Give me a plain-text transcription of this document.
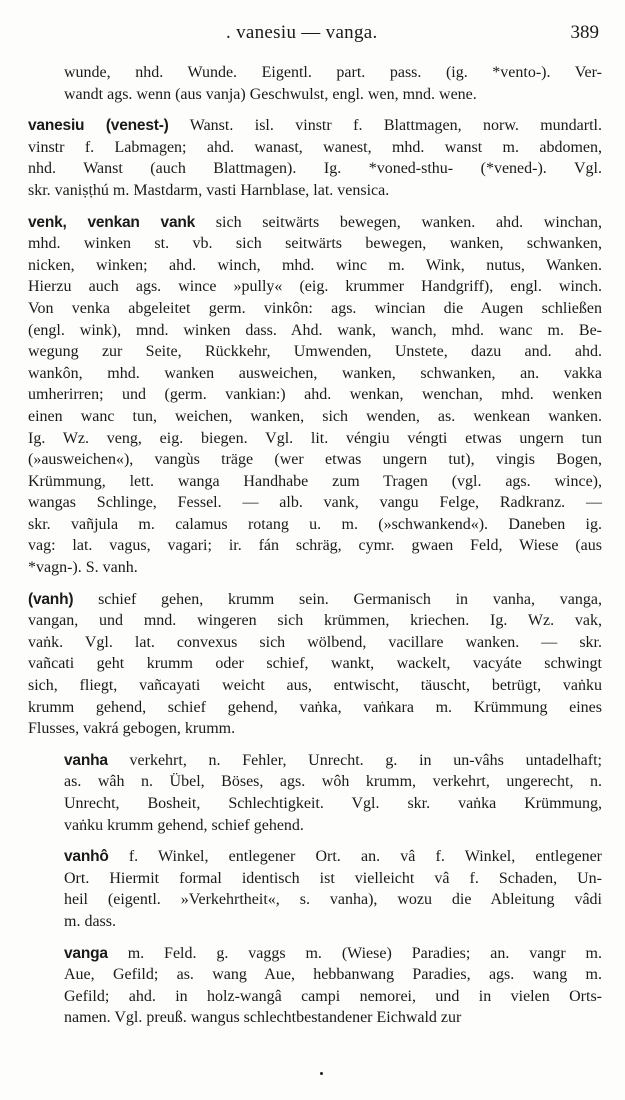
. vanesiu — vanga.	389
wunde, nhd. Wunde. Eigentl. part. pass. (ig. *vento-). Ver-
wandt ags. wenn (aus vanja) Geschwulst, engl. wen, mnd. wene.
vanesiu (venest-) Wanst. isl. vinstr f. Blattmagen, norw. mundartl.
vinstr f. Labmagen; ahd. wanast, wanest, mhd. wanst m. abdomen,
nhd. Wanst (auch Blattmagen). Ig. *voned-sthu- (*vened-). Vgl.
skr. vaniṣṭhú m. Mastdarm, vasti Harnblase, lat. vensica.
venk, venkan vank sich seitwärts bewegen, wanken. ahd. winchan,
mhd. winken st. vb. sich seitwärts bewegen, wanken, schwanken,
nicken, winken; ahd. winch, mhd. winc m. Wink, nutus, Wanken.
Hierzu auch ags. wince »pully« (eig. krummer Handgriff), engl. winch.
Von venka abgeleitet germ. vinkôn: ags. wincian die Augen schließen
(engl. wink), mnd. winken dass. Ahd. wank, wanch, mhd. wanc m. Be-
wegung zur Seite, Rückkehr, Umwenden, Unstete, dazu and. ahd.
wankôn, mhd. wanken ausweichen, wanken, schwanken, an. vakka
umherirren; und (germ. vankian:) ahd. wenkan, wenchan, mhd. wenken
einen wanc tun, weichen, wanken, sich wenden, as. wenkean wanken.
Ig. Wz. veng, eig. biegen. Vgl. lit. véngiu véngti etwas ungern tun
(»ausweichen«), vangùs träge (wer etwas ungern tut), vingis Bogen,
Krümmung, lett. wanga Handhabe zum Tragen (vgl. ags. wince),
wangas Schlinge, Fessel. — alb. vank, vangu Felge, Radkranz. —
skr. vañjula m. calamus rotang u. m. (»schwankend«). Daneben ig.
vag: lat. vagus, vagari; ir. fán schräg, cymr. gwaen Feld, Wiese (aus
*vagn-). S. vanh.
(vanh) schief gehen, krumm sein. Germanisch in vanha, vanga,
vangan, und mnd. wingeren sich krümmen, kriechen. Ig. Wz. vak,
vaṅk. Vgl. lat. convexus sich wölbend, vacillare wanken. — skr.
vañcati geht krumm oder schief, wankt, wackelt, vacyáte schwingt
sich, fliegt, vañcayati weicht aus, entwischt, täuscht, betrügt, vaṅku
krumm gehend, schief gehend, vaṅka, vaṅkara m. Krümmung eines
Flusses, vakrá gebogen, krumm.
vanha verkehrt, n. Fehler, Unrecht. g. in un-vâhs untadelhaft;
as. wâh n. Übel, Böses, ags. wôh krumm, verkehrt, ungerecht, n.
Unrecht, Bosheit, Schlechtigkeit. Vgl. skr. vaṅka Krümmung,
vaṅku krumm gehend, schief gehend.
vanhô f. Winkel, entlegener Ort. an. vâ f. Winkel, entlegener
Ort. Hiermit formal identisch ist vielleicht vâ f. Schaden, Un-
heil (eigentl. »Verkehrtheit«, s. vanha), wozu die Ableitung vâdi
m. dass.
vanga m. Feld. g. vaggs m. (Wiese) Paradies; an. vangr m.
Aue, Gefild; as. wang Aue, hebbanwang Paradies, ags. wang m.
Gefild; ahd. in holz-wangâ campi nemorei, und in vielen Orts-
namen. Vgl. preuß. wangus schlechtbestandener Eichwald zur
